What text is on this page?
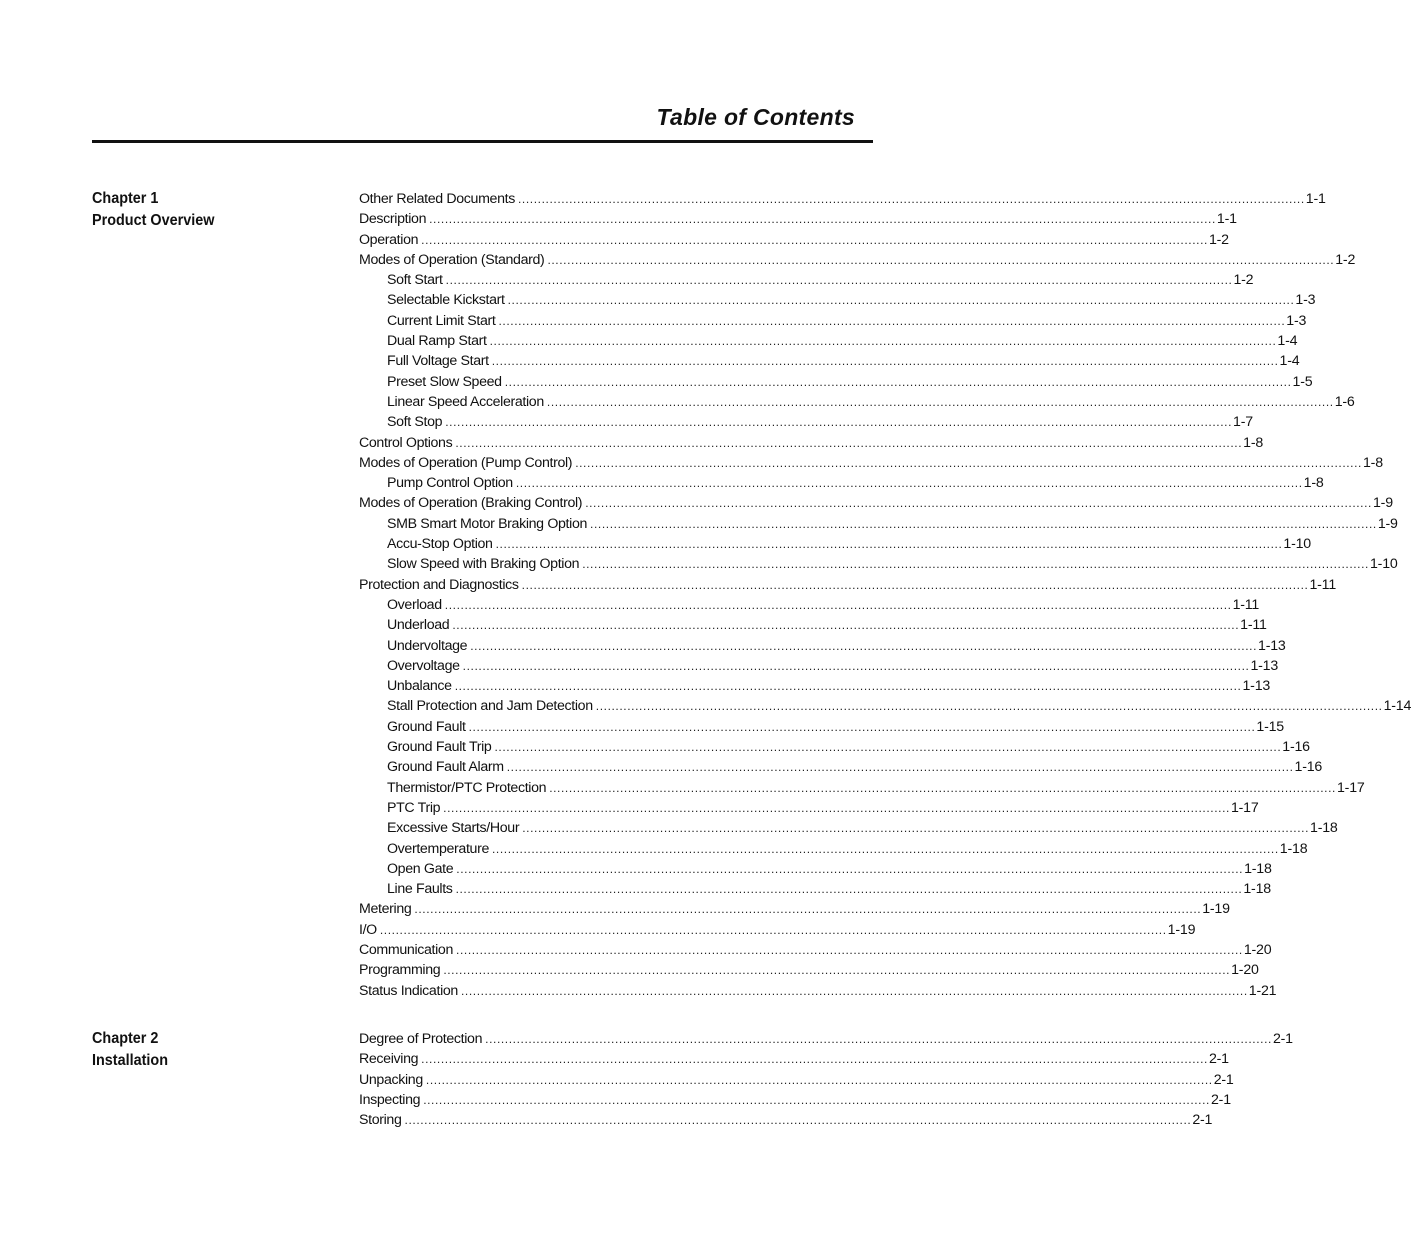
Table of Contents
Chapter 1
Product Overview
Other Related Documents ........................................................................................................................................................................................................ 1-1
Description ........................................................................................................................................................................................................ 1-1
Operation ........................................................................................................................................................................................................ 1-2
Modes of Operation (Standard) ........................................................................................................................................................................................................ 1-2
Soft Start ........................................................................................................................................................................................................ 1-2
Selectable Kickstart ........................................................................................................................................................................................................ 1-3
Current Limit Start ........................................................................................................................................................................................................ 1-3
Dual Ramp Start ........................................................................................................................................................................................................ 1-4
Full Voltage Start ........................................................................................................................................................................................................ 1-4
Preset Slow Speed ........................................................................................................................................................................................................ 1-5
Linear Speed Acceleration ........................................................................................................................................................................................................ 1-6
Soft Stop ........................................................................................................................................................................................................ 1-7
Control Options ........................................................................................................................................................................................................ 1-8
Modes of Operation (Pump Control) ........................................................................................................................................................................................................ 1-8
Pump Control Option ........................................................................................................................................................................................................ 1-8
Modes of Operation (Braking Control) ........................................................................................................................................................................................................ 1-9
SMB Smart Motor Braking Option ........................................................................................................................................................................................................ 1-9
Accu-Stop Option ........................................................................................................................................................................................................ 1-10
Slow Speed with Braking Option ........................................................................................................................................................................................................ 1-10
Protection and Diagnostics ........................................................................................................................................................................................................ 1-11
Overload ........................................................................................................................................................................................................ 1-11
Underload ........................................................................................................................................................................................................ 1-11
Undervoltage ........................................................................................................................................................................................................ 1-13
Overvoltage ........................................................................................................................................................................................................ 1-13
Unbalance ........................................................................................................................................................................................................ 1-13
Stall Protection and Jam Detection ........................................................................................................................................................................................................ 1-14
Ground Fault ........................................................................................................................................................................................................ 1-15
Ground Fault Trip ........................................................................................................................................................................................................ 1-16
Ground Fault Alarm ........................................................................................................................................................................................................ 1-16
Thermistor/PTC Protection ........................................................................................................................................................................................................ 1-17
PTC Trip ........................................................................................................................................................................................................ 1-17
Excessive Starts/Hour ........................................................................................................................................................................................................ 1-18
Overtemperature ........................................................................................................................................................................................................ 1-18
Open Gate ........................................................................................................................................................................................................ 1-18
Line Faults ........................................................................................................................................................................................................ 1-18
Metering ........................................................................................................................................................................................................ 1-19
I/O ........................................................................................................................................................................................................ 1-19
Communication ........................................................................................................................................................................................................ 1-20
Programming ........................................................................................................................................................................................................ 1-20
Status Indication ........................................................................................................................................................................................................ 1-21
Chapter 2
Installation
Degree of Protection ........................................................................................................................................................................................................ 2-1
Receiving ........................................................................................................................................................................................................ 2-1
Unpacking ........................................................................................................................................................................................................ 2-1
Inspecting ........................................................................................................................................................................................................ 2-1
Storing ........................................................................................................................................................................................................ 2-1
